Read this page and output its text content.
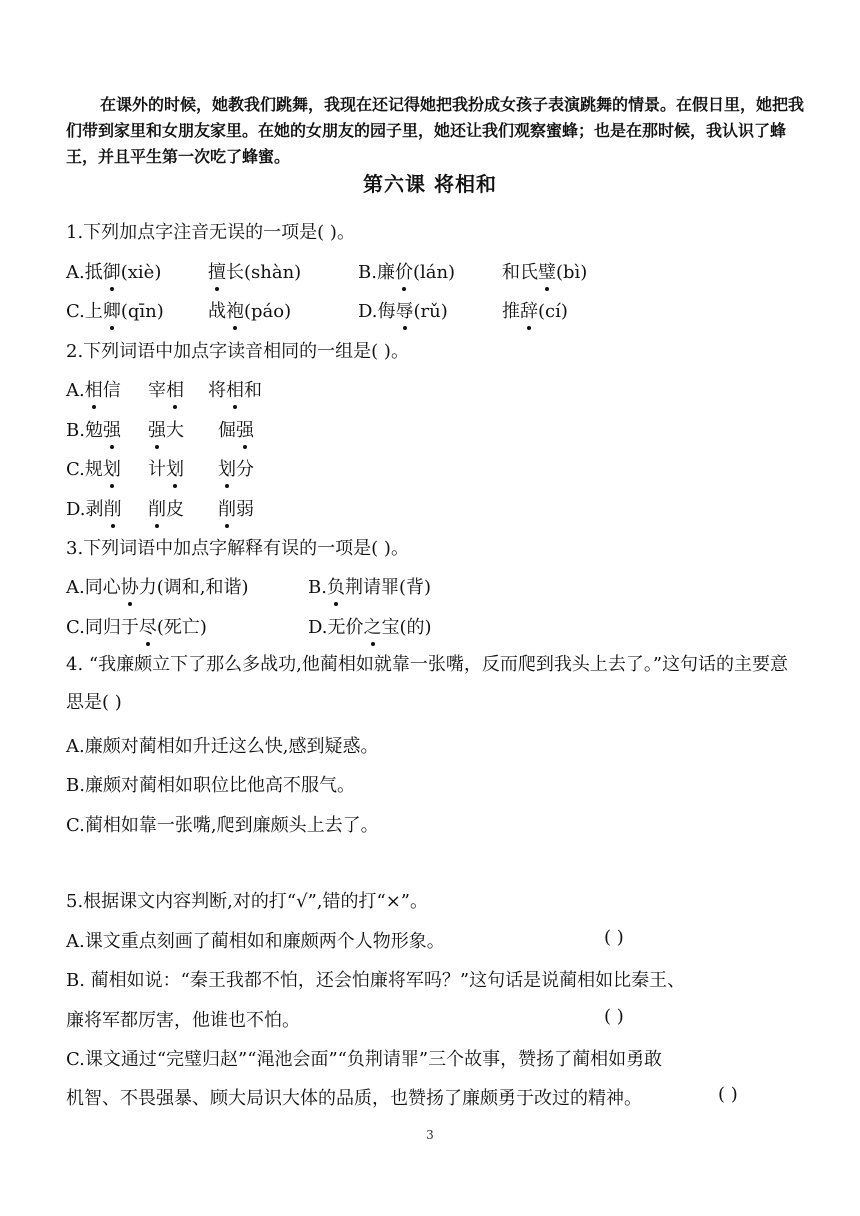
在课外的时候，她教我们跳舞，我现在还记得她把我扮成女孩子表演跳舞的情景。在假日里，她把我们带到家里和女朋友家里。在她的女朋友的园子里，她还让我们观察蜜蜂；也是在那时候，我认识了蜂王，并且平生第一次吃了蜂蜜。

第六课 将相和
1.下列加点字注音无误的一项是( )。
A.抵御(xiè)	擅长(shàn)	B.廉价(lán)	和氏璧(bì)
C.上卿(qīn) 战袍(páo)	D.侮辱(rǔ)	推辞(cí)
2.下列词语中加点字读音相同的一组是( )。
A.相信 宰相 将相和
B.勉强 强大 倔强
C.规划 计划 划分
D.剥削 削皮 削弱
3.下列词语中加点字解释有误的一项是( )。
A.同心协力(调和,和谐)	B.负荆请罪(背)
C.同归于尽(死亡)	D.无价之宝(的)
4. “我廉颇立下了那么多战功,他蔺相如就靠一张嘴，反而爬到我头上去了。”这句话的主要意思是( )
A.廉颇对蔺相如升迁这么快,感到疑惑。
B.廉颇对蔺相如职位比他高不服气。
C.蔺相如靠一张嘴,爬到廉颇头上去了。
5.根据课文内容判断,对的打“√”,错的打“×”。
A.课文重点刻画了蔺相如和廉颇两个人物形象。	( )
B. 蔺相如说：“秦王我都不怕，还会怕廉将军吗？”这句话是说蔺相如比秦王、
廉将军都厉害，他谁也不怕。	( )
C.课文通过“完璧归赵”“渑池会面”“负荆请罪”三个故事，赞扬了蔺相如勇敢
机智、不畏强暴、顾大局识大体的品质，也赞扬了廉颇勇于改过的精神。	( )
3
